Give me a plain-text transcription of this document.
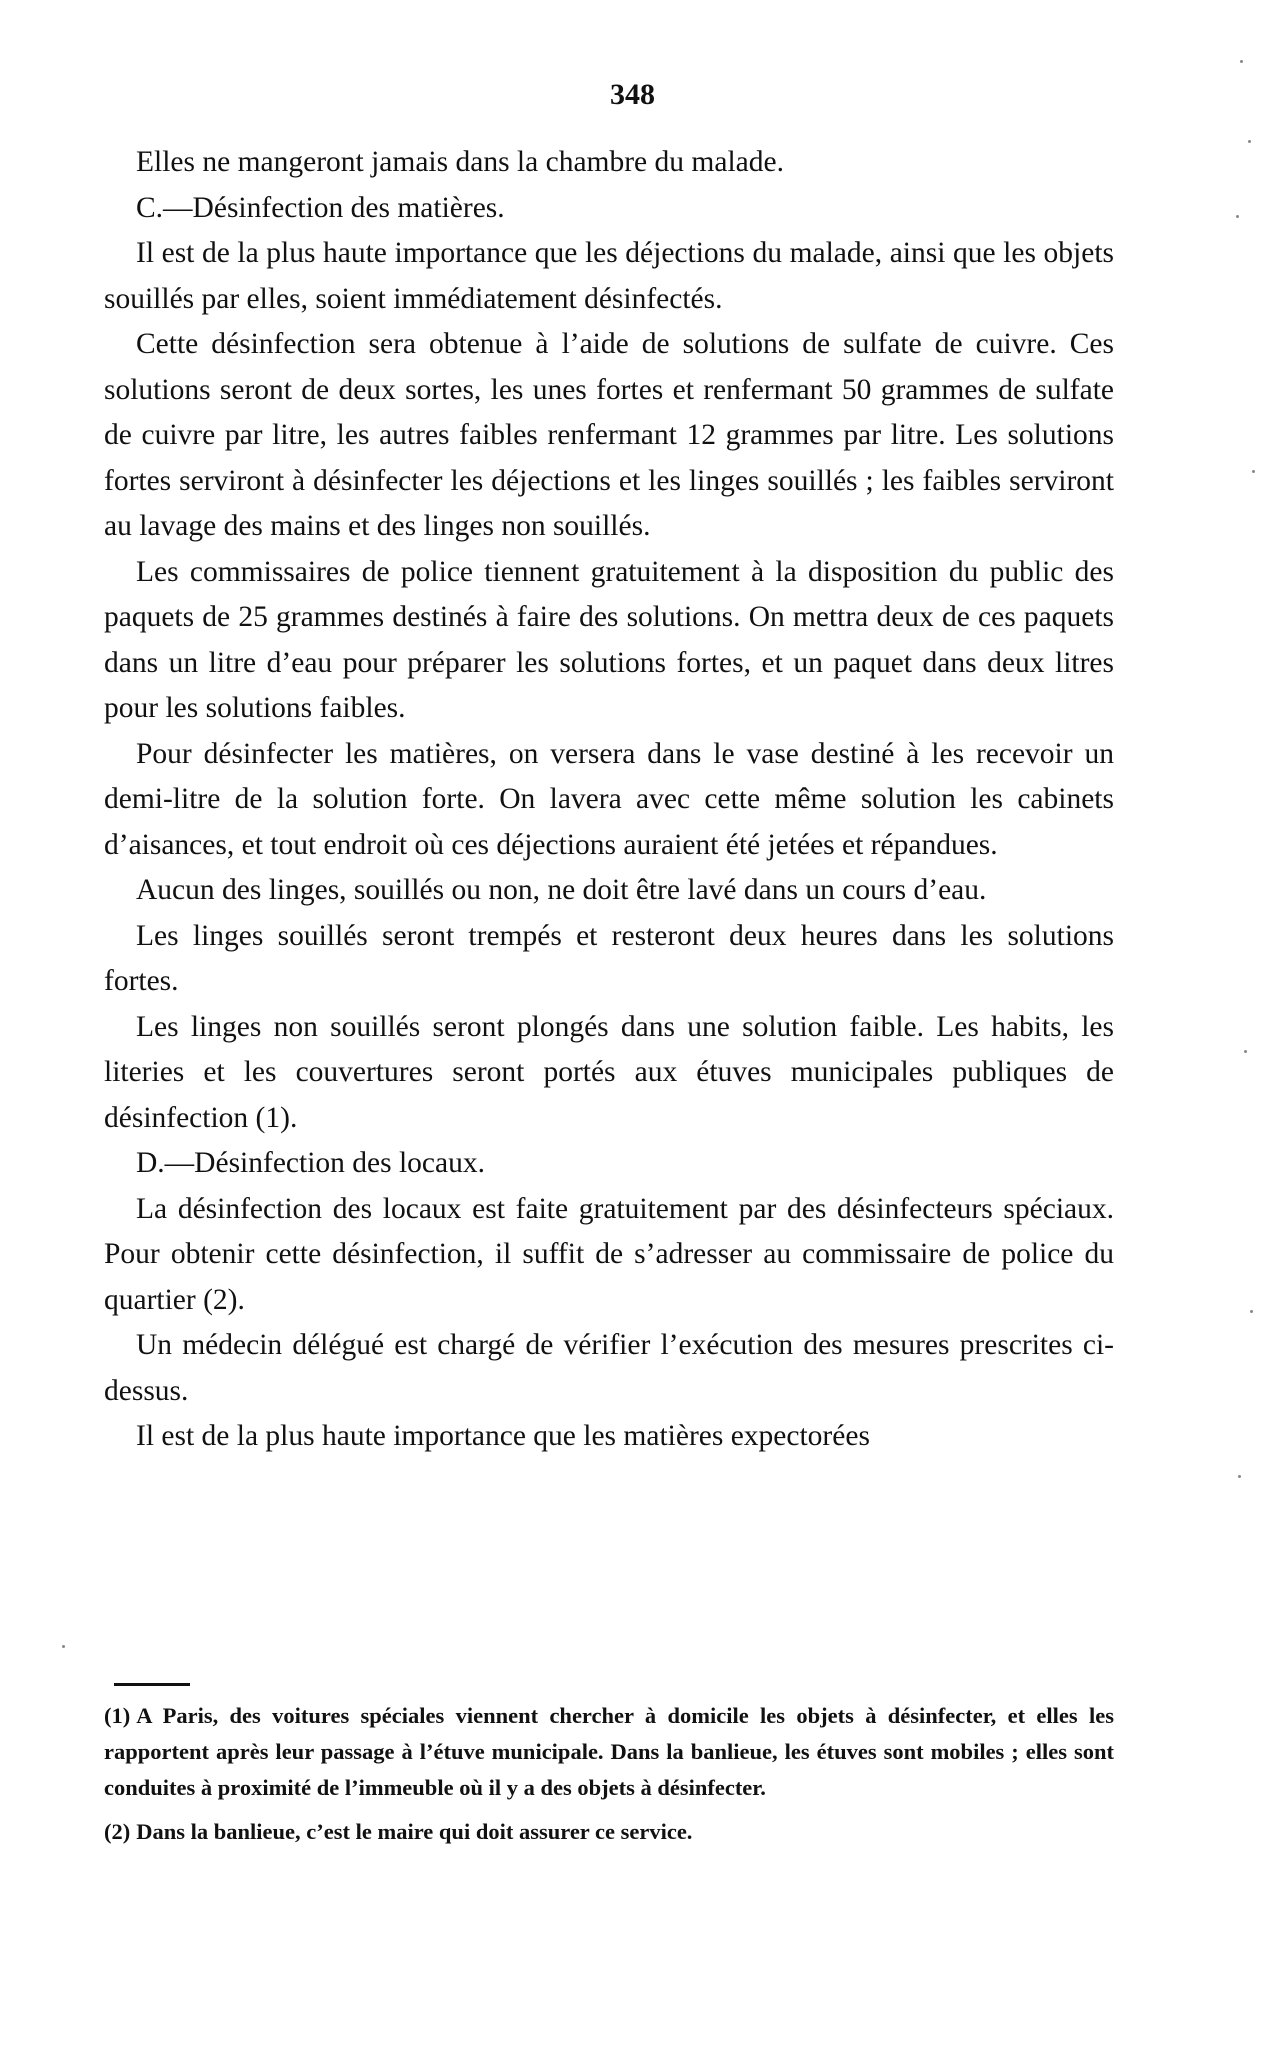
348

Elles ne mangeront jamais dans la chambre du malade.

C.—Désinfection des matières.

Il est de la plus haute importance que les déjections du malade, ainsi que les objets souillés par elles, soient immédiatement désinfectés.

Cette désinfection sera obtenue à l’aide de solutions de sulfate de cuivre. Ces solutions seront de deux sortes, les unes fortes et renfermant 50 grammes de sulfate de cuivre par litre, les autres faibles renfermant 12 grammes par litre. Les solutions fortes serviront à désinfecter les déjections et les linges souillés ; les faibles serviront au lavage des mains et des linges non souillés.

Les commissaires de police tiennent gratuitement à la disposition du public des paquets de 25 grammes destinés à faire des solutions. On mettra deux de ces paquets dans un litre d’eau pour préparer les solutions fortes, et un paquet dans deux litres pour les solutions faibles.

Pour désinfecter les matières, on versera dans le vase destiné à les recevoir un demi-litre de la solution forte. On lavera avec cette même solution les cabinets d’aisances, et tout endroit où ces déjections auraient été jetées et répandues.

Aucun des linges, souillés ou non, ne doit être lavé dans un cours d’eau.

Les linges souillés seront trempés et resteront deux heures dans les solutions fortes.

Les linges non souillés seront plongés dans une solution faible. Les habits, les literies et les couvertures seront portés aux étuves municipales publiques de désinfection (1).

D.—Désinfection des locaux.

La désinfection des locaux est faite gratuitement par des désinfecteurs spéciaux. Pour obtenir cette désinfection, il suffit de s’adresser au commissaire de police du quartier (2).

Un médecin délégué est chargé de vérifier l’exécution des mesures prescrites ci-dessus.

Il est de la plus haute importance que les matières expectorées

(1) A Paris, des voitures spéciales viennent chercher à domicile les objets à désinfecter, et elles les rapportent après leur passage à l’étuve municipale. Dans la banlieue, les étuves sont mobiles ; elles sont conduites à proximité de l’immeuble où il y a des objets à désinfecter.

(2) Dans la banlieue, c’est le maire qui doit assurer ce service.
